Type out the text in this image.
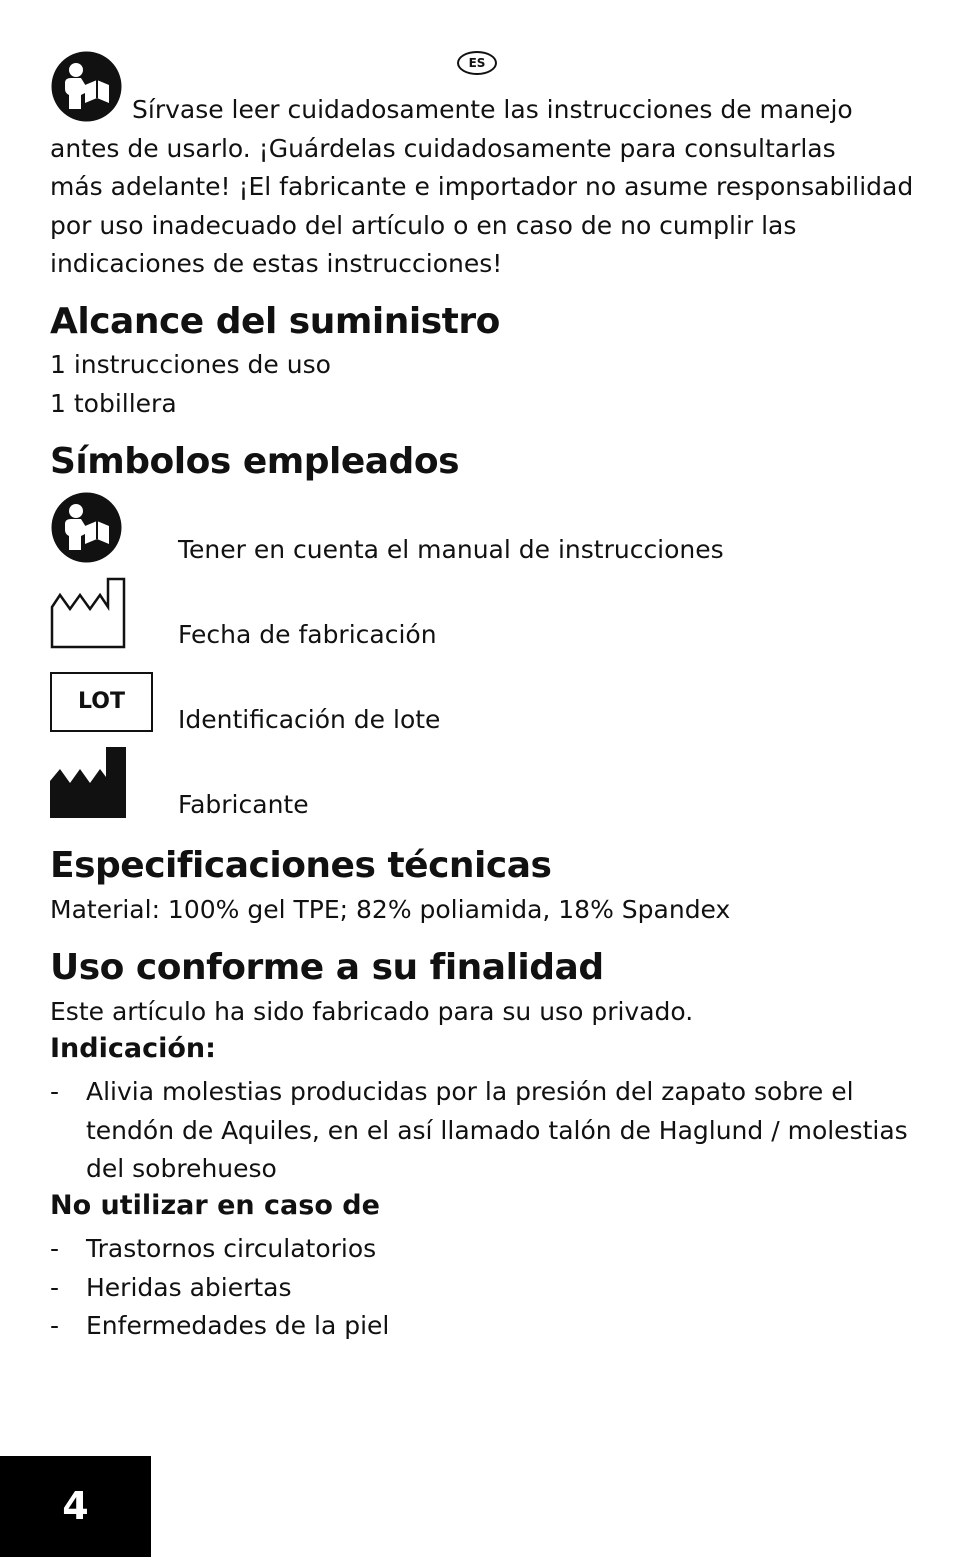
ES
Sírvase leer cuidadosamente las instrucciones de manejo
antes de usarlo. ¡Guárdelas cuidadosamente para consultarlas
más adelante! ¡El fabricante e importador no asume responsabilidad
por uso inadecuado del artículo o en caso de no cumplir las
indicaciones de estas instrucciones!
Alcance del suministro
1 instrucciones de uso
1 tobillera
Símbolos empleados
Tener en cuenta el manual de instrucciones
Fecha de fabricación
LOT
Identificación de lote
Fabricante
Especificaciones técnicas
Material: 100% gel TPE; 82% poliamida, 18% Spandex
Uso conforme a su finalidad
Este artículo ha sido fabricado para su uso privado.
Indicación:
- Alivia molestias producidas por la presión del zapato sobre el tendón de Aquiles, en el así llamado talón de Haglund / molestias del sobrehueso
No utilizar en caso de
- Trastornos circulatorios
- Heridas abiertas
- Enfermedades de la piel
4
